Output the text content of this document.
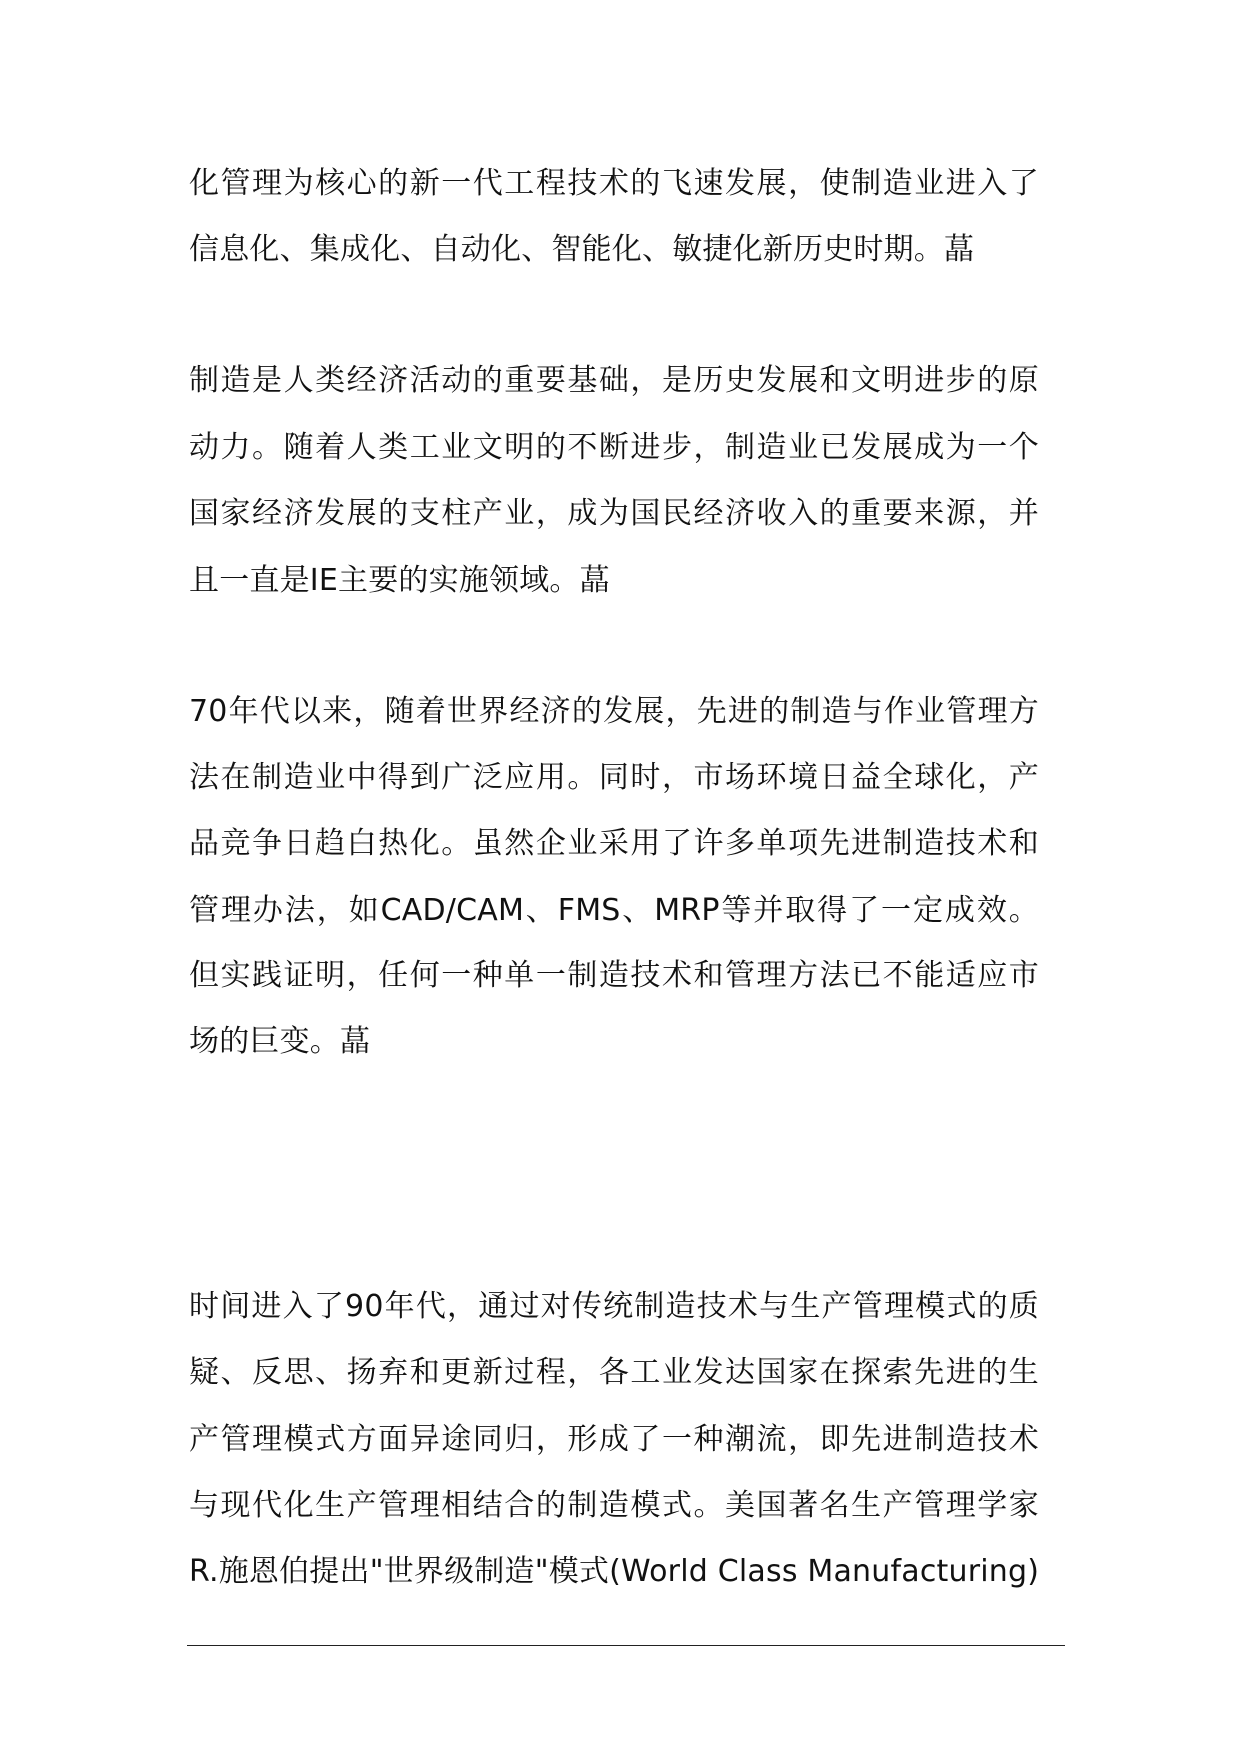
化管理为核心的新一代工程技术的飞速发展，使制造业进入了
信息化、集成化、自动化、智能化、敏捷化新历史时期。蕌
制造是人类经济活动的重要基础，是历史发展和文明进步的原
动力。随着人类工业文明的不断进步，制造业已发展成为一个
国家经济发展的支柱产业，成为国民经济收入的重要来源，并
且一直是IE主要的实施领域。蕌
70年代以来，随着世界经济的发展，先进的制造与作业管理方
法在制造业中得到广泛应用。同时，市场环境日益全球化，产
品竞争日趋白热化。虽然企业采用了许多单项先进制造技术和
管理办法，如CAD/CAM、FMS、MRP等并取得了一定成效。
但实践证明，任何一种单一制造技术和管理方法已不能适应市
场的巨变。蕌
时间进入了90年代，通过对传统制造技术与生产管理模式的质
疑、反思、扬弃和更新过程，各工业发达国家在探索先进的生
产管理模式方面异途同归，形成了一种潮流，即先进制造技术
与现代化生产管理相结合的制造模式。美国著名生产管理学家
R.施恩伯提出"世界级制造"模式(World Class Manufacturing)
